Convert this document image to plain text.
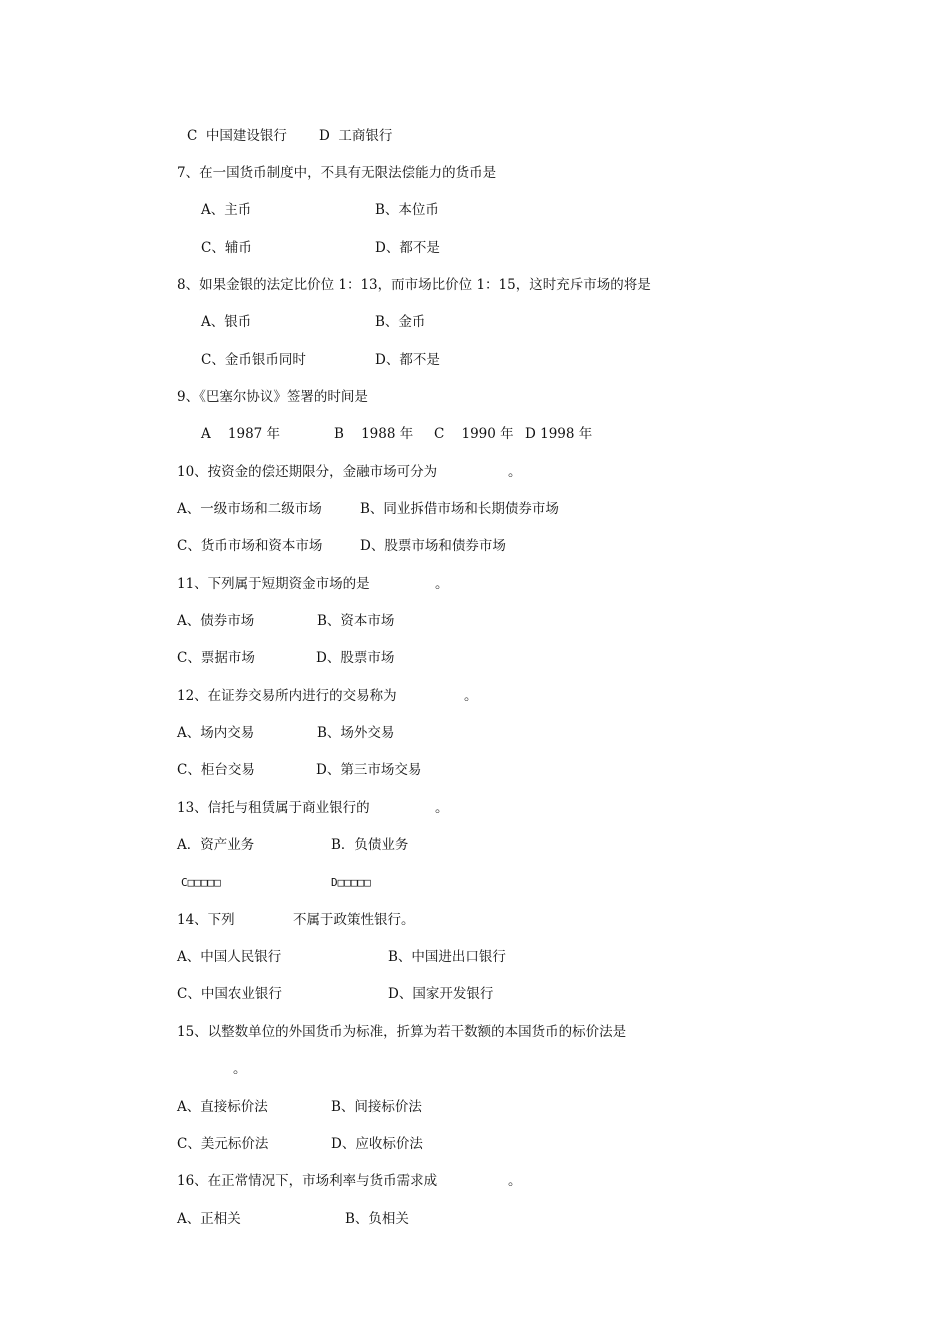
C  中国建设银行 D  工商银行
7、在一国货币制度中，不具有无限法偿能力的货币是
A、主币	B、本位币
C、辅币	D、都不是
8、如果金银的法定比价位 1：13，而市场比价位 1：15，这时充斥市场的将是
A、银币	B、金币
C、金币银币同时	D、都不是
9、《巴塞尔协议》签署的时间是
A    1987 年	B    1988 年 C    1990 年 D 1998 年
10、按资金的偿还期限分，金融市场可分为	。
A、一级市场和二级市场	B、同业拆借市场和长期债券市场
C、货币市场和资本市场	D、股票市场和债券市场
11、下列属于短期资金市场的是	。
A、债券市场	B、资本市场
C、票据市场	D、股票市场
12、在证券交易所内进行的交易称为	。
A、场内交易	B、场外交易
C、柜台交易	D、第三市场交易
13、信托与租赁属于商业银行的	。
A．资产业务	B．负债业务
C□□□□□	D□□□□□
14、下列	不属于政策性银行。
A、中国人民银行	B、中国进出口银行
C、中国农业银行	D、国家开发银行
15、以整数单位的外国货币为标准，折算为若干数额的本国货币的标价法是
。
A、直接标价法	B、间接标价法
C、美元标价法	D、应收标价法
16、在正常情况下，市场利率与货币需求成	。
A、正相关	B、负相关
